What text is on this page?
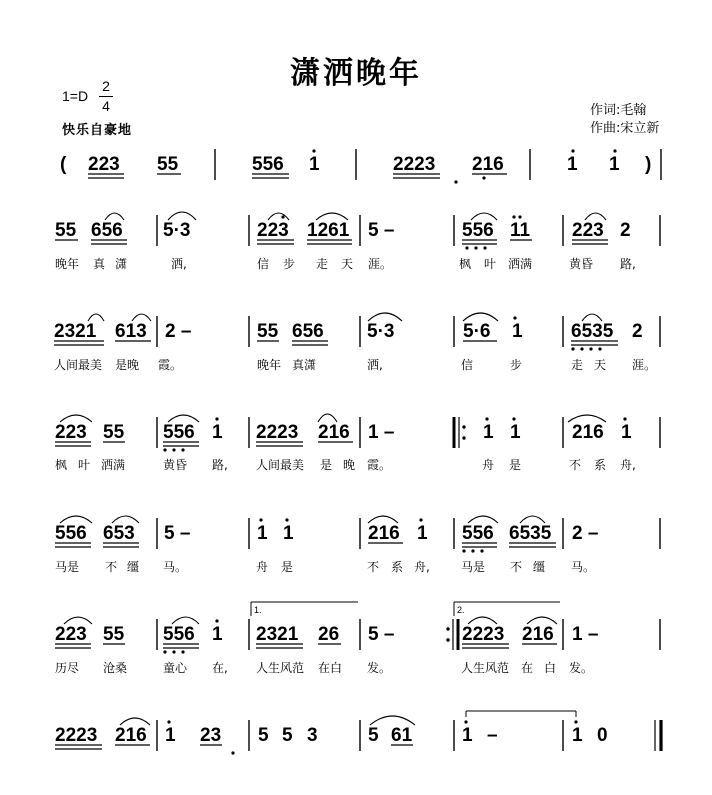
潇洒晚年
1=D
2
4
快乐自豪地
作词:毛翰
作曲:宋立新
( 223 55	556 1	2223 216	1 1 )
55 656 5·3	223 1261 5 –	556 11 223 2
晚年 真 潇	洒,	信 步 走 天 涯。	枫 叶 洒满	黄昏 路,
2321 613 2 –	55 656 5·3	5·6 1	6535 2
人间最美 是晚 霞。	晚年 真潇	洒,	信	步	走 天 涯。
223 55 556 1 2223 216 1 –	1 1	216 1
枫 叶 洒满	黄昏 路, 人间最美 是 晚 霞。	舟 是	不 系 舟,
556 653 5 –	1 1	216 1 556 6535 2 –
马是 不 缰 马。	舟 是	不 系 舟,	马是 不 缰 马。
223 55 556 1 2321 26 5 –	2223 216 1 –
历尽 沧桑	童心 在, 人生风范 在白 发。	人生风范 在 白 发。
2223 216 1 23 5 5 3	5 61	1 –	1 0
1.	2.
